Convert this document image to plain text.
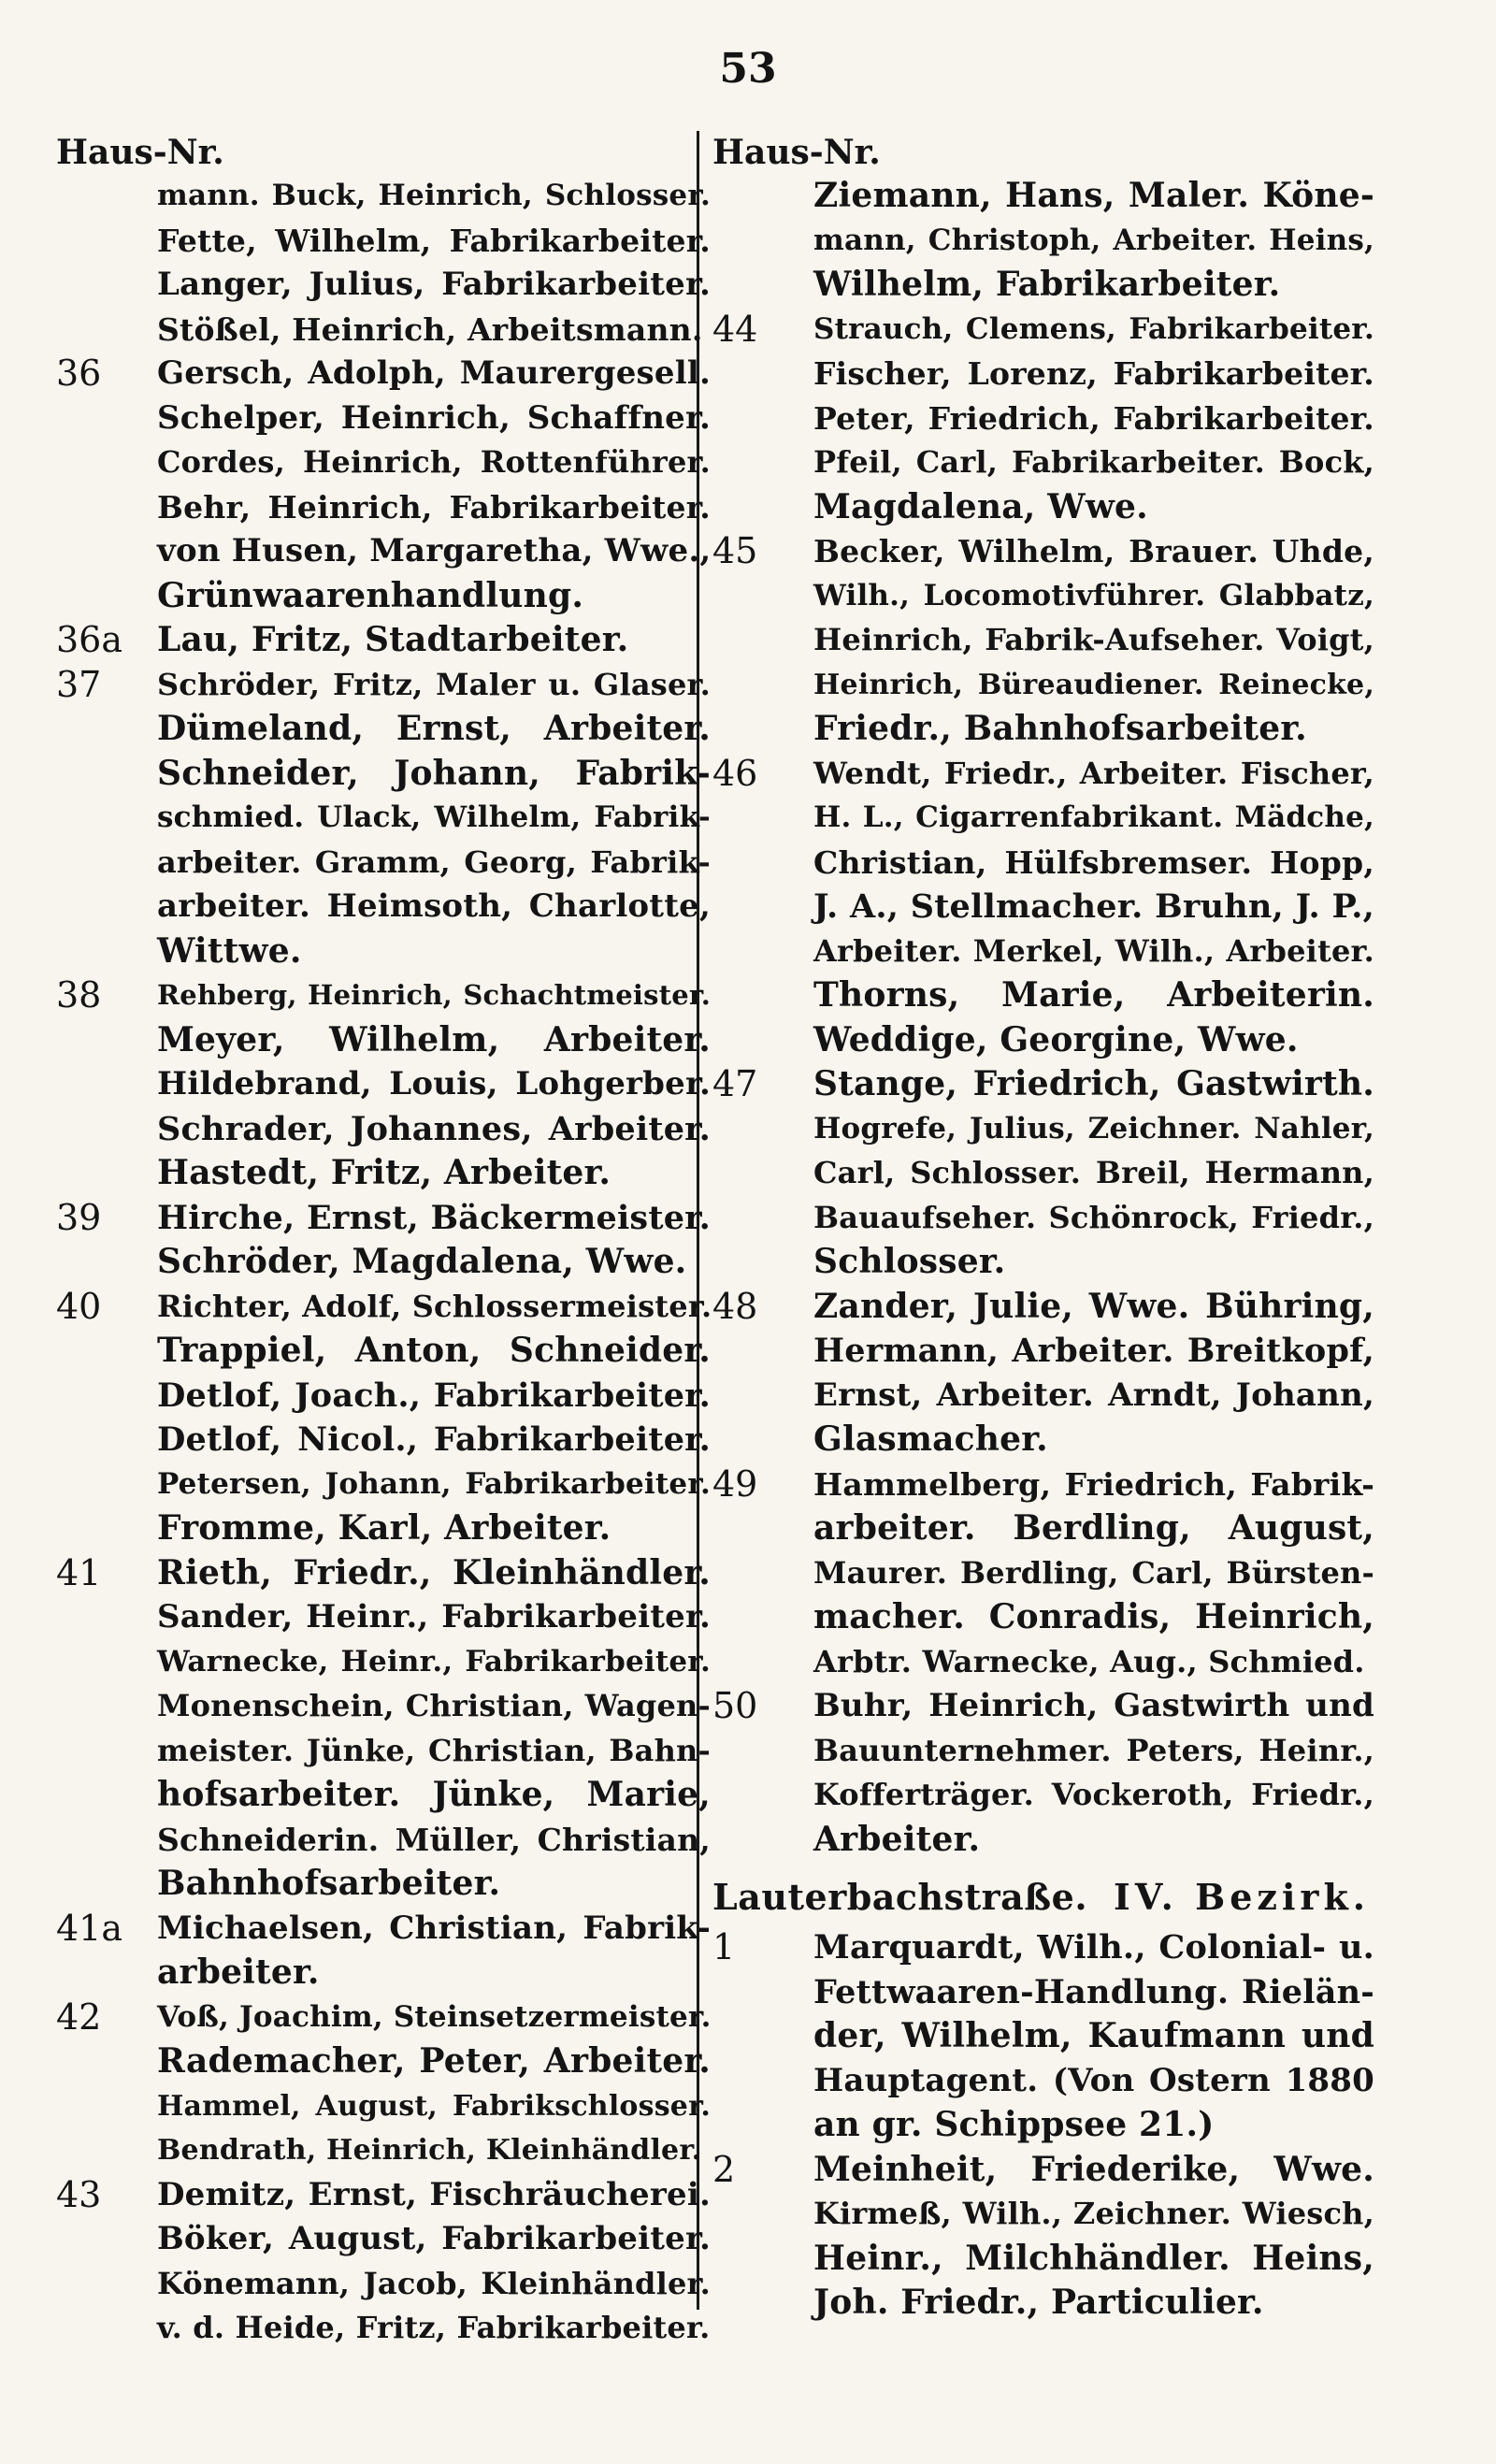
53
Haus-Nr.
mann. Buck, Heinrich, Schlosser.
Fette, Wilhelm, Fabrikarbeiter.
Langer, Julius, Fabrikarbeiter.
Stößel, Heinrich, Arbeitsmann.
36	Gersch, Adolph, Maurergesell.
Schelper, Heinrich, Schaffner.
Cordes, Heinrich, Rottenführer.
Behr, Heinrich, Fabrikarbeiter.
von Husen, Margaretha, Wwe.,
Grünwaarenhandlung.
36a	Lau, Fritz, Stadtarbeiter.
37	Schröder, Fritz, Maler u. Glaser.
Dümeland, Ernst, Arbeiter.
Schneider, Johann, Fabrik-
schmied. Ulack, Wilhelm, Fabrik-
arbeiter. Gramm, Georg, Fabrik-
arbeiter. Heimsoth, Charlotte,
Wittwe.
38	Rehberg, Heinrich, Schachtmeister.
Meyer, Wilhelm, Arbeiter.
Hildebrand, Louis, Lohgerber.
Schrader, Johannes, Arbeiter.
Hastedt, Fritz, Arbeiter.
39	Hirche, Ernst, Bäckermeister.
Schröder, Magdalena, Wwe.
40	Richter, Adolf, Schlossermeister.
Trappiel, Anton, Schneider.
Detlof, Joach., Fabrikarbeiter.
Detlof, Nicol., Fabrikarbeiter.
Petersen, Johann, Fabrikarbeiter.
Fromme, Karl, Arbeiter.
41	Rieth, Friedr., Kleinhändler.
Sander, Heinr., Fabrikarbeiter.
Warnecke, Heinr., Fabrikarbeiter.
Monenschein, Christian, Wagen-
meister. Jünke, Christian, Bahn-
hofsarbeiter. Jünke, Marie,
Schneiderin. Müller, Christian,
Bahnhofsarbeiter.
41a	Michaelsen, Christian, Fabrik-
arbeiter.
42	Voß, Joachim, Steinsetzermeister.
Rademacher, Peter, Arbeiter.
Hammel, August, Fabrikschlosser.
Bendrath, Heinrich, Kleinhändler.
43	Demitz, Ernst, Fischräucherei.
Böker, August, Fabrikarbeiter.
Könemann, Jacob, Kleinhändler.
v. d. Heide, Fritz, Fabrikarbeiter.
Haus-Nr.
Ziemann, Hans, Maler. Köne-
mann, Christoph, Arbeiter. Heins,
Wilhelm, Fabrikarbeiter.
44	Strauch, Clemens, Fabrikarbeiter.
Fischer, Lorenz, Fabrikarbeiter.
Peter, Friedrich, Fabrikarbeiter.
Pfeil, Carl, Fabrikarbeiter. Bock,
Magdalena, Wwe.
45	Becker, Wilhelm, Brauer. Uhde,
Wilh., Locomotivführer. Glabbatz,
Heinrich, Fabrik-Aufseher. Voigt,
Heinrich, Büreaudiener. Reinecke,
Friedr., Bahnhofsarbeiter.
46	Wendt, Friedr., Arbeiter. Fischer,
H. L., Cigarrenfabrikant. Mädche,
Christian, Hülfsbremser. Hopp,
J. A., Stellmacher. Bruhn, J. P.,
Arbeiter. Merkel, Wilh., Arbeiter.
Thorns, Marie, Arbeiterin.
Weddige, Georgine, Wwe.
47	Stange, Friedrich, Gastwirth.
Hogrefe, Julius, Zeichner. Nahler,
Carl, Schlosser. Breil, Hermann,
Bauaufseher. Schönrock, Friedr.,
Schlosser.
48	Zander, Julie, Wwe. Bühring,
Hermann, Arbeiter. Breitkopf,
Ernst, Arbeiter. Arndt, Johann,
Glasmacher.
49	Hammelberg, Friedrich, Fabrik-
arbeiter. Berdling, August,
Maurer. Berdling, Carl, Bürsten-
macher. Conradis, Heinrich,
Arbtr. Warnecke, Aug., Schmied.
50	Buhr, Heinrich, Gastwirth und
Bauunternehmer. Peters, Heinr.,
Kofferträger. Vockeroth, Friedr.,
Arbeiter.
Lauterbachstraße. IV. Bezirk.
1	Marquardt, Wilh., Colonial- u.
Fettwaaren-Handlung. Rielän-
der, Wilhelm, Kaufmann und
Hauptagent. (Von Ostern 1880
an gr. Schippsee 21.)
2	Meinheit, Friederike, Wwe.
Kirmeß, Wilh., Zeichner. Wiesch,
Heinr., Milchhändler. Heins,
Joh. Friedr., Particulier.
